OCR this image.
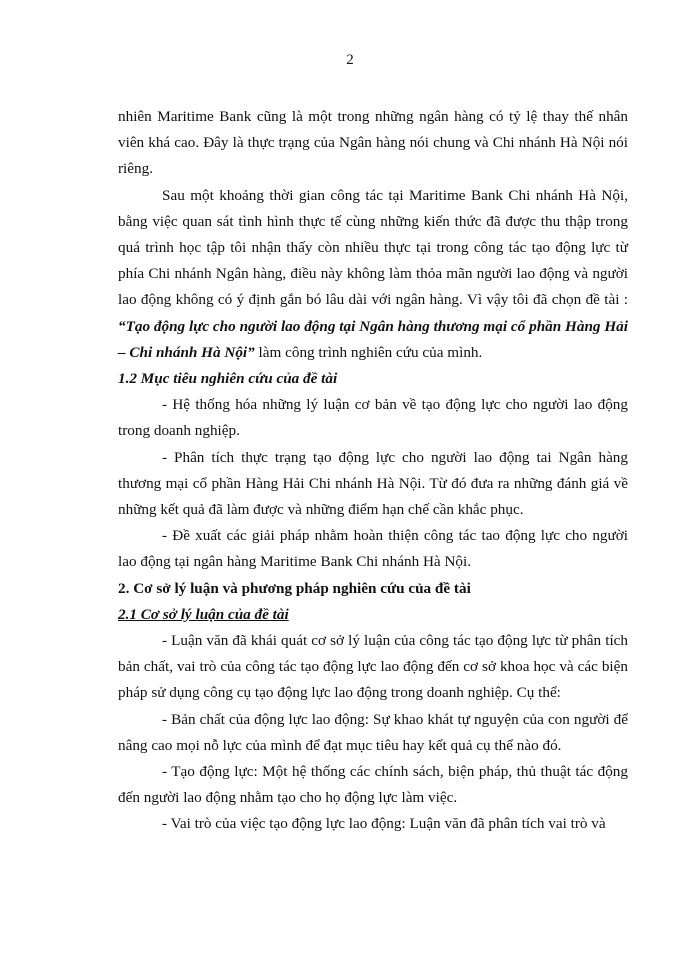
2

nhiên Maritime Bank cũng là một trong những ngân hàng có tỷ lệ thay thế nhân viên khá cao. Đây là thực trạng của Ngân hàng nói chung và Chi nhánh Hà Nội nói riêng.

Sau một khoảng thời gian công tác tại Maritime Bank Chi nhánh Hà Nội, bằng việc quan sát tình hình thực tế cùng những kiến thức đã được thu thập trong quá trình học tập tôi nhận thấy còn nhiều thực tại trong công tác tạo động lực từ phía Chi nhánh Ngân hàng, điều này không làm thỏa mãn người lao động và người lao động không có ý định gắn bó lâu dài với ngân hàng. Vì vậy tôi đã chọn đề tài : “Tạo động lực cho người lao động tại Ngân hàng thương mại cổ phần Hàng Hải – Chi nhánh Hà Nội” làm công trình nghiên cứu của mình.

1.2 Mục tiêu nghiên cứu của đề tài

- Hệ thống hóa những lý luận cơ bản về tạo động lực cho người lao động trong doanh nghiệp.

- Phân tích thực trạng tạo động lực cho người lao động tai Ngân hàng thương mại cổ phần Hàng Hải Chi nhánh Hà Nội. Từ đó đưa ra những đánh giá về những kết quả đã làm được và những điểm hạn chế cần khắc phục.

- Đề xuất các giải pháp nhằm hoàn thiện công tác tao động lực cho người lao động tại ngân hàng Maritime Bank Chi nhánh Hà Nội.

2. Cơ sở lý luận và phương pháp nghiên cứu của đề tài
2.1 Cơ sở lý luận của đề tài

- Luận văn đã khái quát cơ sở lý luận của công tác tạo động lực từ phân tích bản chất, vai trò của công tác tạo động lực lao động đến cơ sở khoa học và các biện pháp sử dụng công cụ tạo động lực lao động trong doanh nghiệp. Cụ thể:

- Bản chất của động lực lao động: Sự khao khát tự nguyện của con người để nâng cao mọi nỗ lực của mình để đạt mục tiêu hay kết quả cụ thể nào đó.

- Tạo động lực: Một hệ thống các chính sách, biện pháp, thủ thuật tác động đến người lao động nhằm tạo cho họ động lực làm việc.

- Vai trò của việc tạo động lực lao động: Luận văn đã phân tích vai trò và
